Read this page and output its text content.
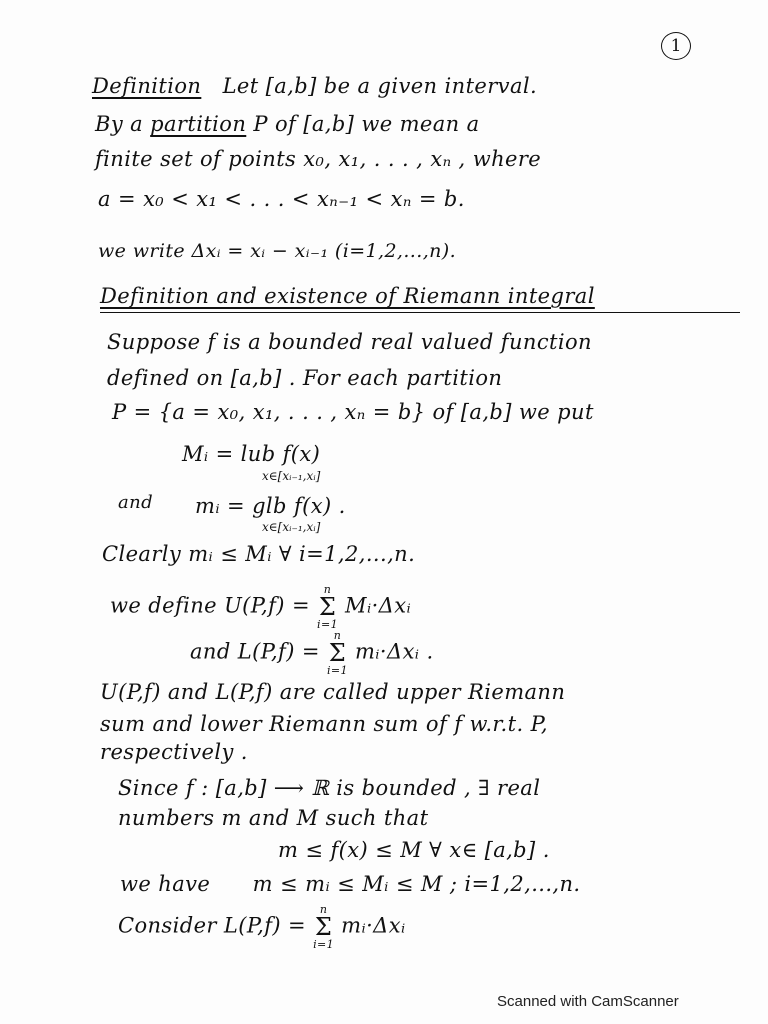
1
Definition Let [a,b] be a given interval.
By a partition P of [a,b] we mean a
finite set of points x₀, x₁, . . . , xₙ , where
a = x₀ < x₁ < . . . < xₙ₋₁ < xₙ = b.
we write Δxᵢ = xᵢ − xᵢ₋₁ (i=1,2,...,n).
Definition and existence of Riemann integral
Suppose f is a bounded real valued function
defined on [a,b] . For each partition
P = {a = x₀, x₁, . . . , xₙ = b} of [a,b] we put
Mᵢ = lub f(x)
x∈[xᵢ₋₁,xᵢ]
and mᵢ = glb f(x) .
x∈[xᵢ₋₁,xᵢ]
Clearly mᵢ ≤ Mᵢ ∀ i=1,2,...,n.
we define U(P,f) =
n
Σ
i=1
Mᵢ·Δxᵢ
and L(P,f) =
n
Σ
i=1
mᵢ·Δxᵢ .
U(P,f) and L(P,f) are called upper Riemann
sum and lower Riemann sum of f w.r.t. P,
respectively .
Since f : [a,b] ⟶ ℝ is bounded , ∃ real
numbers m and M such that
m ≤ f(x) ≤ M ∀ x∈ [a,b] .
we have m ≤ mᵢ ≤ Mᵢ ≤ M ; i=1,2,...,n.
Consider L(P,f) =
n
Σ
i=1
mᵢ·Δxᵢ
Scanned with CamScanner
